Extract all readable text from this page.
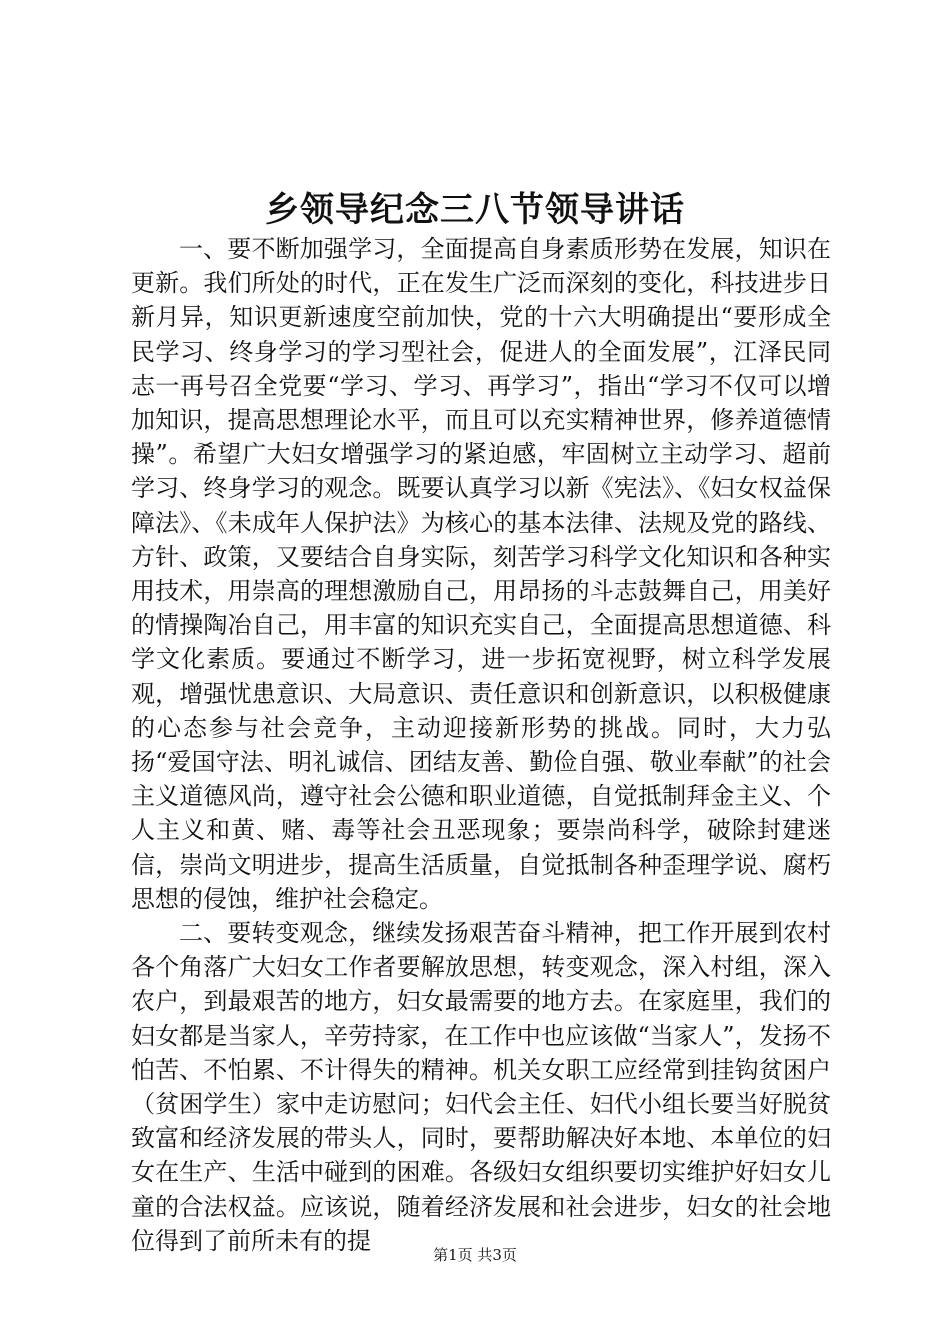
乡领导纪念三八节领导讲话

一、要不断加强学习，全面提高自身素质形势在发展，知识在更新。我们所处的时代，正在发生广泛而深刻的变化，科技进步日新月异，知识更新速度空前加快，党的十六大明确提出“要形成全民学习、终身学习的学习型社会，促进人的全面发展”，江泽民同志一再号召全党要“学习、学习、再学习”，指出“学习不仅可以增加知识，提高思想理论水平，而且可以充实精神世界，修养道德情操”。希望广大妇女增强学习的紧迫感，牢固树立主动学习、超前学习、终身学习的观念。既要认真学习以新《宪法》、《妇女权益保障法》、《未成年人保护法》为核心的基本法律、法规及党的路线、方针、政策，又要结合自身实际，刻苦学习科学文化知识和各种实用技术，用崇高的理想激励自己，用昂扬的斗志鼓舞自己，用美好的情操陶冶自己，用丰富的知识充实自己，全面提高思想道德、科学文化素质。要通过不断学习，进一步拓宽视野，树立科学发展观，增强忧患意识、大局意识、责任意识和创新意识，以积极健康的心态参与社会竞争，主动迎接新形势的挑战。同时，大力弘扬“爱国守法、明礼诚信、团结友善、勤俭自强、敬业奉献”的社会主义道德风尚，遵守社会公德和职业道德，自觉抵制拜金主义、个人主义和黄、赌、毒等社会丑恶现象；要崇尚科学，破除封建迷信，崇尚文明进步，提高生活质量，自觉抵制各种歪理学说、腐朽思想的侵蚀，维护社会稳定。

二、要转变观念，继续发扬艰苦奋斗精神，把工作开展到农村各个角落广大妇女工作者要解放思想，转变观念，深入村组，深入农户，到最艰苦的地方，妇女最需要的地方去。在家庭里，我们的妇女都是当家人，辛劳持家，在工作中也应该做“当家人”，发扬不怕苦、不怕累、不计得失的精神。机关女职工应经常到挂钩贫困户（贫困学生）家中走访慰问；妇代会主任、妇代小组长要当好脱贫致富和经济发展的带头人，同时，要帮助解决好本地、本单位的妇女在生产、生活中碰到的困难。各级妇女组织要切实维护好妇女儿童的合法权益。应该说，随着经济发展和社会进步，妇女的社会地位得到了前所未有的提

第1页 共3页
